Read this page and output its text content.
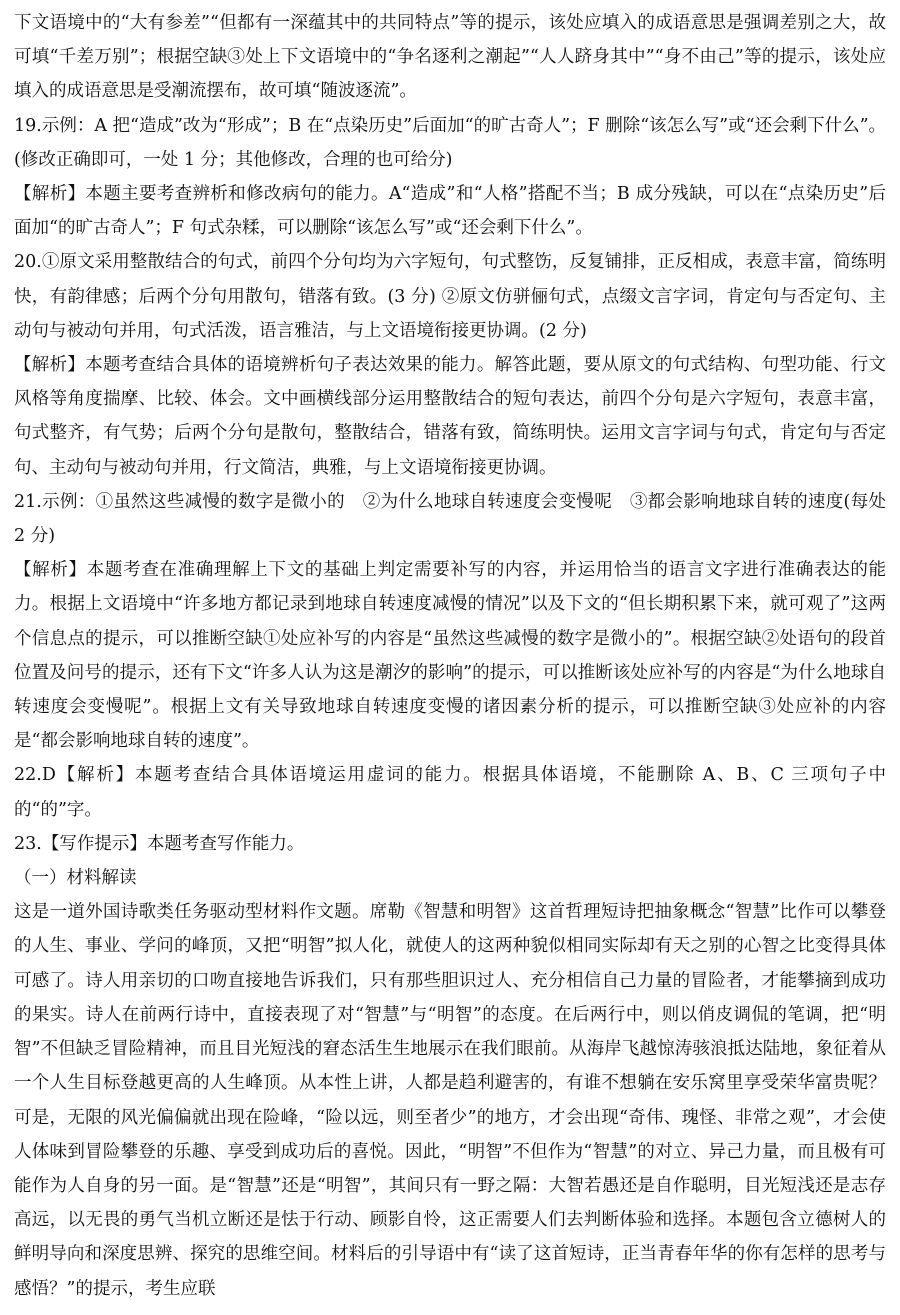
下文语境中的“大有参差”“但都有一深蕴其中的共同特点”等的提示，该处应填入的成语意思是强调差别之大，故可填“千差万别”；根据空缺③处上下文语境中的“争名逐利之潮起”“人人跻身其中”“身不由己”等的提示，该处应填入的成语意思是受潮流摆布，故可填“随波逐流”。

19.示例：A 把“造成”改为“形成”；B 在“点染历史”后面加“的旷古奇人”；F 删除“该怎么写”或“还会剩下什么”。(修改正确即可，一处 1 分；其他修改，合理的也可给分)

【解析】本题主要考查辨析和修改病句的能力。A“造成”和“人格”搭配不当；B 成分残缺，可以在“点染历史”后面加“的旷古奇人”；F 句式杂糅，可以删除“该怎么写”或“还会剩下什么”。

20.①原文采用整散结合的句式，前四个分句均为六字短句，句式整饬，反复铺排，正反相成，表意丰富，简练明快，有韵律感；后两个分句用散句，错落有致。(3 分) ②原文仿骈俪句式，点缀文言字词，肯定句与否定句、主动句与被动句并用，句式活泼，语言雅洁，与上文语境衔接更协调。(2 分)

【解析】本题考查结合具体的语境辨析句子表达效果的能力。解答此题，要从原文的句式结构、句型功能、行文风格等角度揣摩、比较、体会。文中画横线部分运用整散结合的短句表达，前四个分句是六字短句，表意丰富，句式整齐，有气势；后两个分句是散句，整散结合，错落有致，简练明快。运用文言字词与句式，肯定句与否定句、主动句与被动句并用，行文简洁，典雅，与上文语境衔接更协调。

21.示例：①虽然这些减慢的数字是微小的　②为什么地球自转速度会变慢呢　③都会影响地球自转的速度(每处 2 分)

【解析】本题考查在准确理解上下文的基础上判定需要补写的内容，并运用恰当的语言文字进行准确表达的能力。根据上文语境中“许多地方都记录到地球自转速度减慢的情况”以及下文的“但长期积累下来，就可观了”这两个信息点的提示，可以推断空缺①处应补写的内容是“虽然这些减慢的数字是微小的”。根据空缺②处语句的段首位置及问号的提示，还有下文“许多人认为这是潮汐的影响”的提示，可以推断该处应补写的内容是“为什么地球自转速度会变慢呢”。根据上文有关导致地球自转速度变慢的诸因素分析的提示，可以推断空缺③处应补的内容是“都会影响地球自转的速度”。

22.D【解析】本题考查结合具体语境运用虚词的能力。根据具体语境，不能删除 A、B、C 三项句子中的“的”字。

23.【写作提示】本题考查写作能力。

（一）材料解读

这是一道外国诗歌类任务驱动型材料作文题。席勒《智慧和明智》这首哲理短诗把抽象概念“智慧”比作可以攀登的人生、事业、学问的峰顶，又把“明智”拟人化，就使人的这两种貌似相同实际却有天之别的心智之比变得具体可感了。诗人用亲切的口吻直接地告诉我们，只有那些胆识过人、充分相信自己力量的冒险者，才能攀摘到成功的果实。诗人在前两行诗中，直接表现了对“智慧”与“明智”的态度。在后两行中，则以俏皮调侃的笔调，把“明智”不但缺乏冒险精神，而且目光短浅的窘态活生生地展示在我们眼前。从海岸飞越惊涛骇浪抵达陆地，象征着从一个人生目标登越更高的人生峰顶。从本性上讲，人都是趋利避害的，有谁不想躺在安乐窝里享受荣华富贵呢？可是，无限的风光偏偏就出现在险峰，“险以远，则至者少”的地方，才会出现“奇伟、瑰怪、非常之观”，才会使人体味到冒险攀登的乐趣、享受到成功后的喜悦。因此，“明智”不但作为“智慧”的对立、异己力量，而且极有可能作为人自身的另一面。是“智慧”还是“明智”，其间只有一野之隔：大智若愚还是自作聪明，目光短浅还是志存高远，以无畏的勇气当机立断还是怯于行动、顾影自怜，这正需要人们去判断体验和选择。本题包含立德树人的鲜明导向和深度思辨、探究的思维空间。材料后的引导语中有“读了这首短诗，正当青春年华的你有怎样的思考与感悟？”的提示，考生应联
